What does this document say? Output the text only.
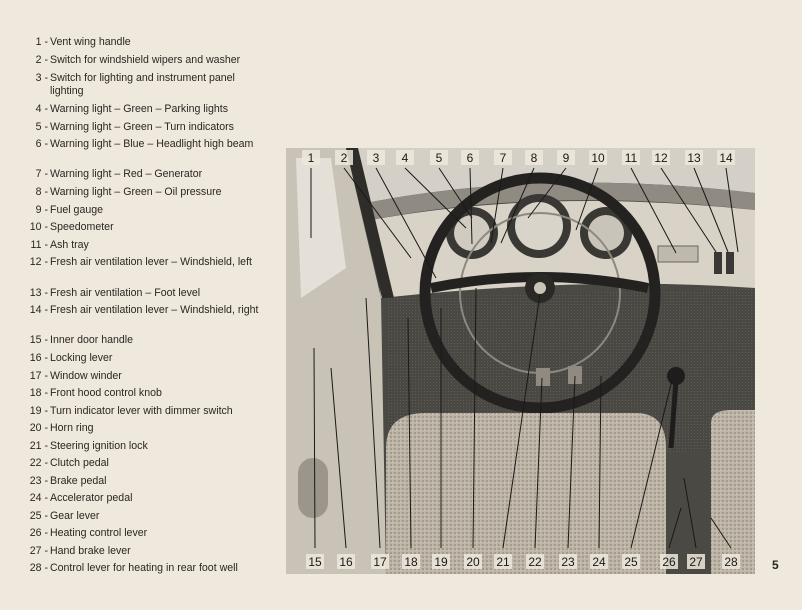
1 - Vent wing handle
2 - Switch for windshield wipers and washer
3 - Switch for lighting and instrument panel lighting
4 - Warning light – Green – Parking lights
5 - Warning light – Green – Turn indicators
6 - Warning light – Blue – Headlight high beam
7 - Warning light – Red – Generator
8 - Warning light – Green – Oil pressure
9 - Fuel gauge
10 - Speedometer
11 - Ash tray
12 - Fresh air ventilation lever – Windshield, left
13 - Fresh air ventilation – Foot level
14 - Fresh air ventilation lever – Windshield, right
15 - Inner door handle
16 - Locking lever
17 - Window winder
18 - Front hood control knob
19 - Turn indicator lever with dimmer switch
20 - Horn ring
21 - Steering ignition lock
22 - Clutch pedal
23 - Brake pedal
24 - Accelerator pedal
25 - Gear lever
26 - Heating control lever
27 - Hand brake lever
28 - Control lever for heating in rear foot well
1 2 3 4 5 6 7 8 9 10 11 12 13 14
15 16 17 18 19 20 21 22 23 24 25 26 27 28	5
